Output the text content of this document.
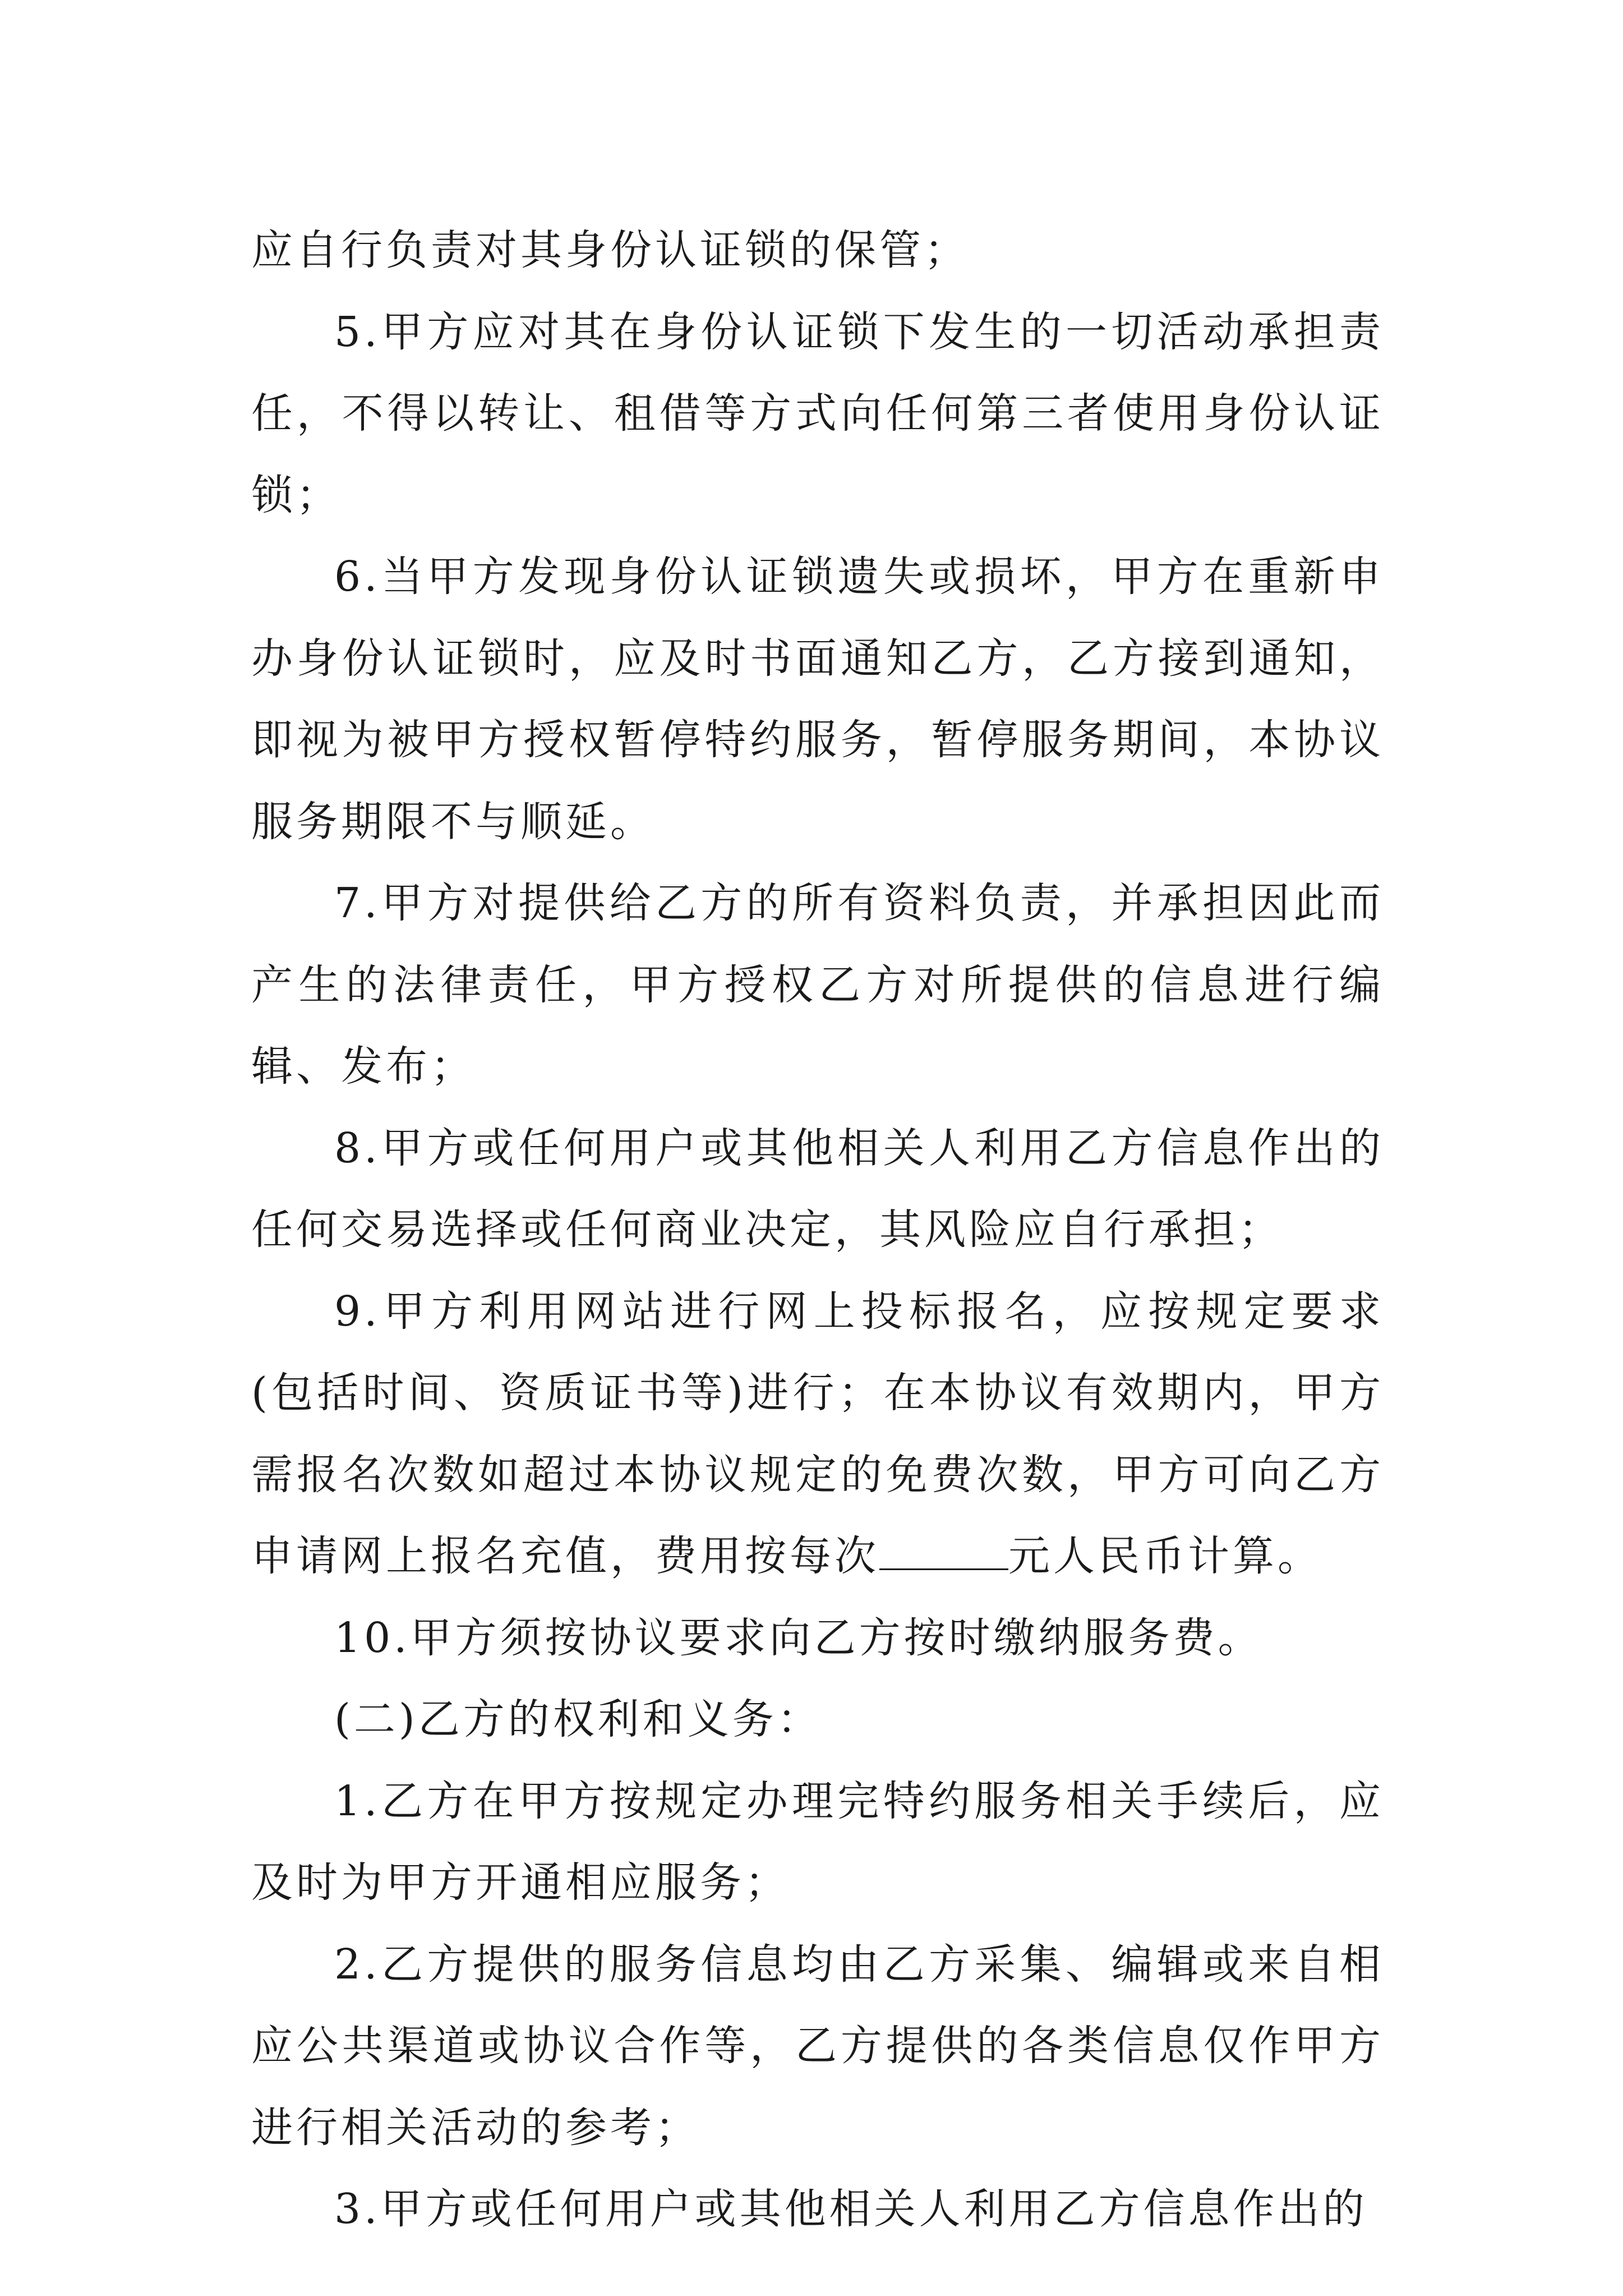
应自行负责对其身份认证锁的保管；

5.甲方应对其在身份认证锁下发生的一切活动承担责任，不得以转让、租借等方式向任何第三者使用身份认证锁；

6.当甲方发现身份认证锁遗失或损坏，甲方在重新申办身份认证锁时，应及时书面通知乙方，乙方接到通知，即视为被甲方授权暂停特约服务，暂停服务期间，本协议服务期限不与顺延。

7.甲方对提供给乙方的所有资料负责，并承担因此而产生的法律责任，甲方授权乙方对所提供的信息进行编辑、发布；

8.甲方或任何用户或其他相关人利用乙方信息作出的任何交易选择或任何商业决定，其风险应自行承担；

9.甲方利用网站进行网上投标报名，应按规定要求(包括时间、资质证书等)进行；在本协议有效期内，甲方需报名次数如超过本协议规定的免费次数，甲方可向乙方申请网上报名充值，费用按每次	元人民币计算。

10.甲方须按协议要求向乙方按时缴纳服务费。

(二)乙方的权利和义务：

1.乙方在甲方按规定办理完特约服务相关手续后，应及时为甲方开通相应服务；

2.乙方提供的服务信息均由乙方采集、编辑或来自相应公共渠道或协议合作等，乙方提供的各类信息仅作甲方进行相关活动的参考；

3.甲方或任何用户或其他相关人利用乙方信息作出的
